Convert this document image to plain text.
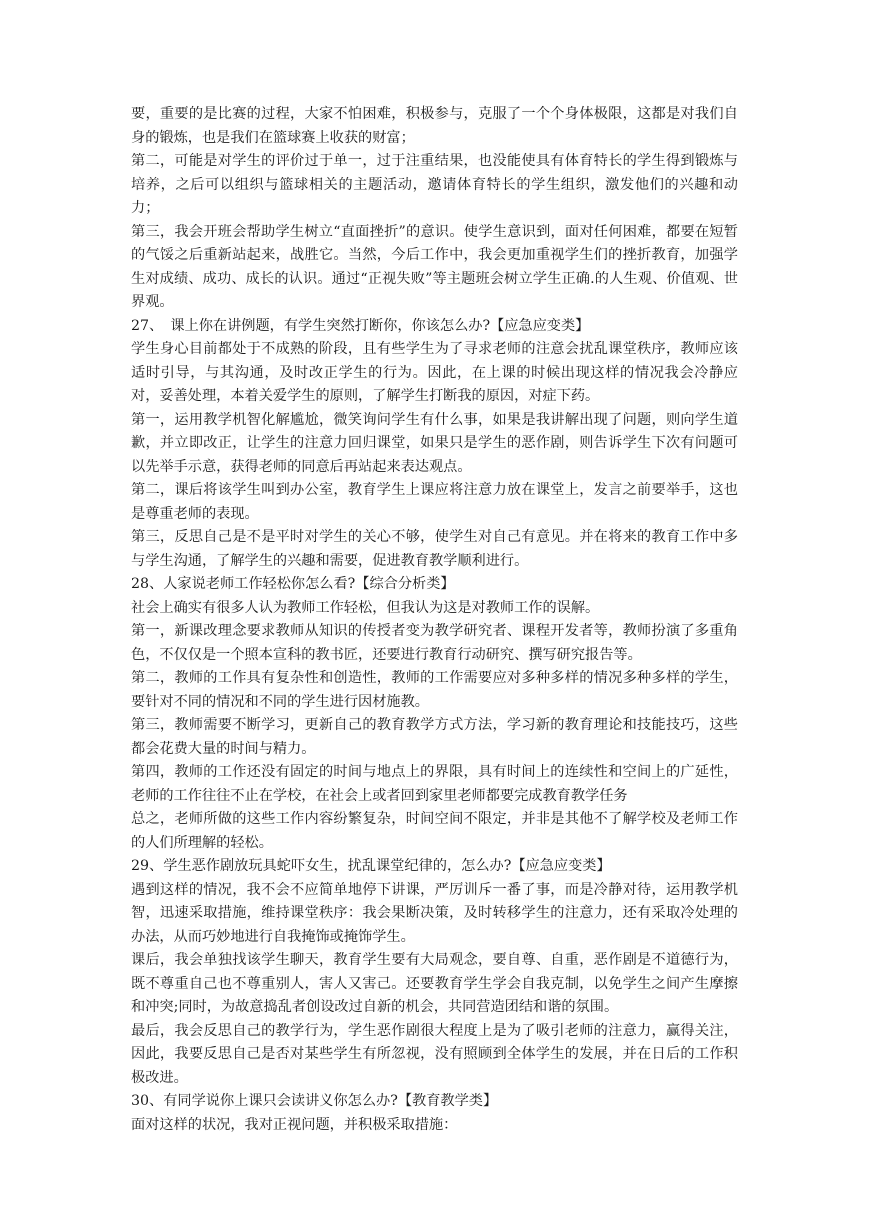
要，重要的是比赛的过程，大家不怕困难，积极参与，克服了一个个身体极限，这都是对我们自身的锻炼，也是我们在篮球赛上收获的财富；

第二，可能是对学生的评价过于单一，过于注重结果，也没能使具有体育特长的学生得到锻炼与培养，之后可以组织与篮球相关的主题活动，邀请体育特长的学生组织，激发他们的兴趣和动力；

第三，我会开班会帮助学生树立“直面挫折”的意识。使学生意识到，面对任何困难，都要在短暂的气馁之后重新站起来，战胜它。当然，今后工作中，我会更加重视学生们的挫折教育，加强学生对成绩、成功、成长的认识。通过“正视失败”等主题班会树立学生正确.的人生观、价值观、世界观。

27、　课上你在讲例题，有学生突然打断你，你该怎么办?【应急应变类】

学生身心目前都处于不成熟的阶段，且有些学生为了寻求老师的注意会扰乱课堂秩序，教师应该适时引导，与其沟通，及时改正学生的行为。因此，在上课的时候出现这样的情况我会冷静应对，妥善处理，本着关爱学生的原则，了解学生打断我的原因，对症下药。

第一，运用教学机智化解尴尬，微笑询问学生有什么事，如果是我讲解出现了问题，则向学生道歉，并立即改正，让学生的注意力回归课堂，如果只是学生的恶作剧，则告诉学生下次有问题可以先举手示意，获得老师的同意后再站起来表达观点。

第二，课后将该学生叫到办公室，教育学生上课应将注意力放在课堂上，发言之前要举手，这也是尊重老师的表现。

第三，反思自己是不是平时对学生的关心不够，使学生对自己有意见。并在将来的教育工作中多与学生沟通，了解学生的兴趣和需要，促进教育教学顺利进行。

28、人家说老师工作轻松你怎么看?【综合分析类】

社会上确实有很多人认为教师工作轻松，但我认为这是对教师工作的误解。

第一，新课改理念要求教师从知识的传授者变为教学研究者、课程开发者等，教师扮演了多重角色，不仅仅是一个照本宣科的教书匠，还要进行教育行动研究、撰写研究报告等。

第二，教师的工作具有复杂性和创造性，教师的工作需要应对多种多样的情况多种多样的学生，要针对不同的情况和不同的学生进行因材施教。

第三，教师需要不断学习，更新自己的教育教学方式方法，学习新的教育理论和技能技巧，这些都会花费大量的时间与精力。

第四，教师的工作还没有固定的时间与地点上的界限，具有时间上的连续性和空间上的广延性，老师的工作往往不止在学校，在社会上或者回到家里老师都要完成教育教学任务

总之，老师所做的这些工作内容纷繁复杂，时间空间不限定，并非是其他不了解学校及老师工作的人们所理解的轻松。

29、学生恶作剧放玩具蛇吓女生，扰乱课堂纪律的，怎么办?【应急应变类】

遇到这样的情况，我不会不应简单地停下讲课，严厉训斥一番了事，而是冷静对待，运用教学机智，迅速采取措施，维持课堂秩序：我会果断决策，及时转移学生的注意力，还有采取冷处理的办法，从而巧妙地进行自我掩饰或掩饰学生。

课后，我会单独找该学生聊天，教育学生要有大局观念，要自尊、自重，恶作剧是不道德行为，既不尊重自己也不尊重别人，害人又害己。还要教育学生学会自我克制，以免学生之间产生摩擦和冲突;同时，为故意捣乱者创设改过自新的机会，共同营造团结和谐的氛围。

最后，我会反思自己的教学行为，学生恶作剧很大程度上是为了吸引老师的注意力，赢得关注，因此，我要反思自己是否对某些学生有所忽视，没有照顾到全体学生的发展，并在日后的工作积极改进。

30、有同学说你上课只会读讲义你怎么办?【教育教学类】

面对这样的状况，我对正视问题，并积极采取措施：
